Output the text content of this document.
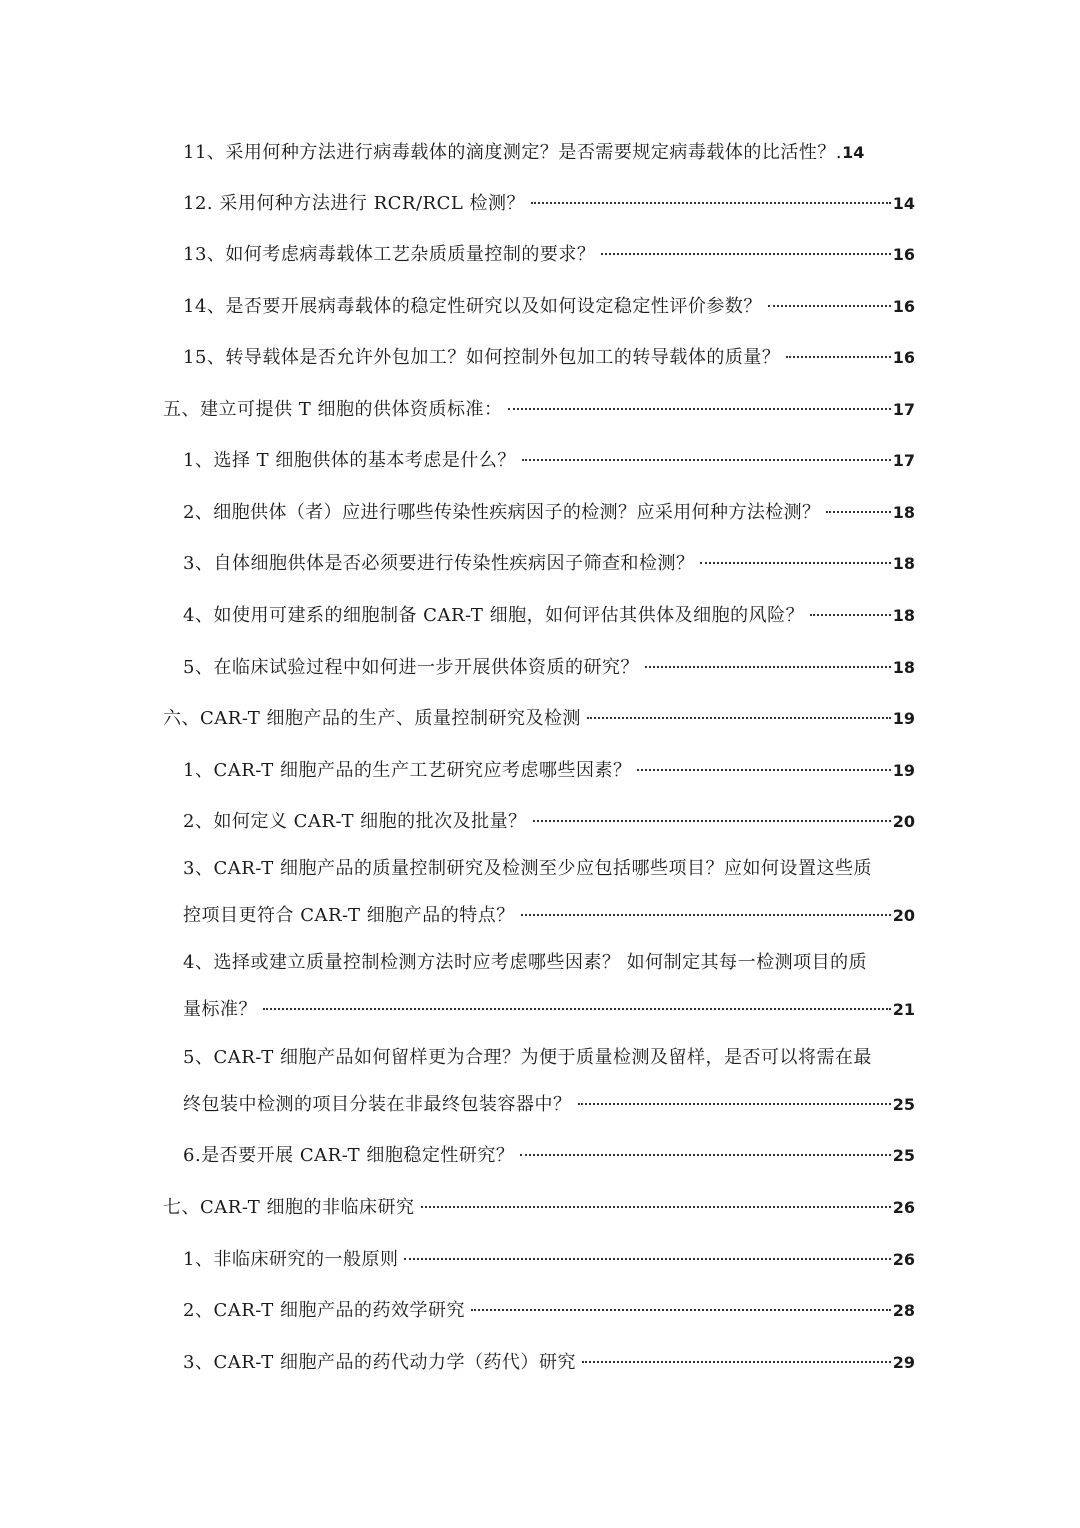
11、采用何种方法进行病毒载体的滴度测定？是否需要规定病毒载体的比活性？. 14
12. 采用何种方法进行 RCR/RCL 检测？	14
13、如何考虑病毒载体工艺杂质质量控制的要求？	16
14、是否要开展病毒载体的稳定性研究以及如何设定稳定性评价参数？	16
15、转导载体是否允许外包加工？如何控制外包加工的转导载体的质量？	16
五、建立可提供 T 细胞的供体资质标准：	17
1、选择 T 细胞供体的基本考虑是什么？	17
2、细胞供体（者）应进行哪些传染性疾病因子的检测？应采用何种方法检测？	18
3、自体细胞供体是否必须要进行传染性疾病因子筛查和检测？	18
4、如使用可建系的细胞制备 CAR-T 细胞，如何评估其供体及细胞的风险？	18
5、在临床试验过程中如何进一步开展供体资质的研究？	18
六、CAR-T 细胞产品的生产、质量控制研究及检测	19
1、CAR-T 细胞产品的生产工艺研究应考虑哪些因素？	19
2、如何定义 CAR-T 细胞的批次及批量？	20
3、CAR-T 细胞产品的质量控制研究及检测至少应包括哪些项目？应如何设置这些质
控项目更符合 CAR-T 细胞产品的特点？	20
4、选择或建立质量控制检测方法时应考虑哪些因素？ 如何制定其每一检测项目的质
量标准？	21
5、CAR-T 细胞产品如何留样更为合理？为便于质量检测及留样，是否可以将需在最
终包装中检测的项目分装在非最终包装容器中？	25
6.是否要开展 CAR-T 细胞稳定性研究？	25
七、CAR-T 细胞的非临床研究	26
1、非临床研究的一般原则	26
2、CAR-T 细胞产品的药效学研究	28
3、CAR-T 细胞产品的药代动力学（药代）研究	29
